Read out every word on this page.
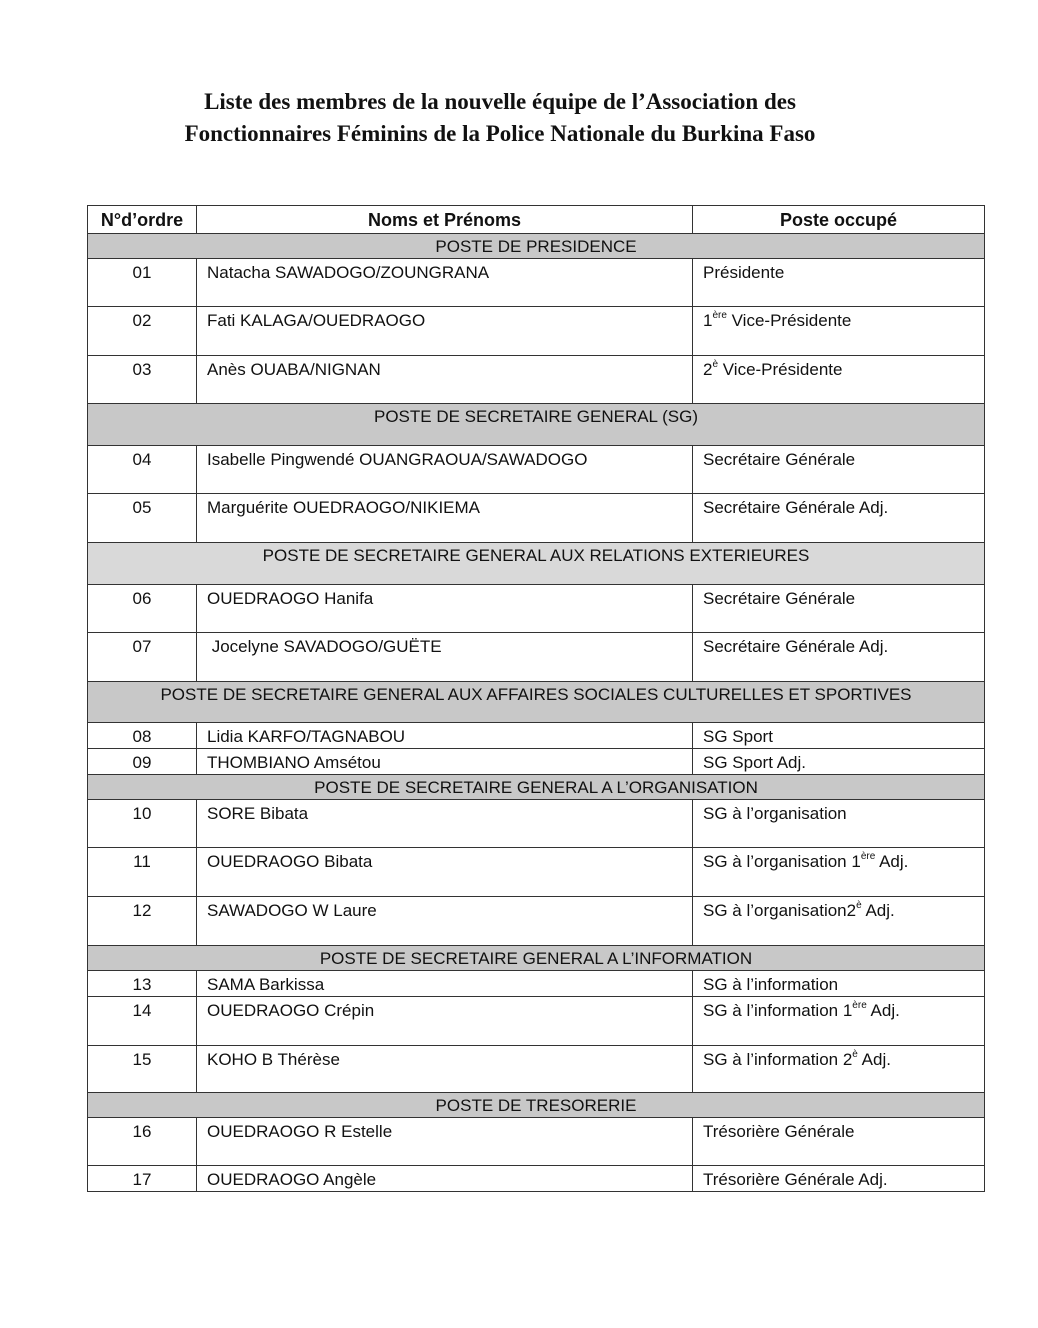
Liste des membres de la nouvelle équipe de l’Association des
Fonctionnaires Féminins de la Police Nationale du Burkina Faso
N°d’ordre	Noms et Prénoms	Poste occupé
POSTE DE PRESIDENCE		
01	Natacha SAWADOGO/ZOUNGRANA	Présidente
02	Fati KALAGA/OUEDRAOGO	1ère Vice-Présidente
03	Anès OUABA/NIGNAN	$2^è$ Vice-Présidente
POSTE DE SECRETAIRE GENERAL (SG)		
04	Isabelle Pingwendé OUANGRAOUA/SAWADOGO	Secrétaire Générale
05	Marguérite OUEDRAOGO/NIKIEMA	Secrétaire Générale Adj.
POSTE DE SECRETAIRE GENERAL AUX RELATIONS EXTERIEURES		
06	OUEDRAOGO Hanifa	Secrétaire Générale
07	Jocelyne SAVADOGO/GUËTE	Secrétaire Générale Adj.
POSTE DE SECRETAIRE GENERAL AUX AFFAIRES SOCIALES CULTURELLES ET SPORTIVES		
08	Lidia KARFO/TAGNABOU	SG Sport
09	THOMBIANO Amsétou	SG Sport Adj.
POSTE DE SECRETAIRE GENERAL A L’ORGANISATION		
10	SORE Bibata	SG à l’organisation
11	OUEDRAOGO Bibata	SG à l’organisation 1ère Adj.
12	SAWADOGO W Laure	SG à $l’organisation2^è$ Adj.
POSTE DE SECRETAIRE GENERAL A L’INFORMATION		
13	SAMA Barkissa	SG à l’information
14	OUEDRAOGO Crépin	SG à l’information 1ère Adj.
15	KOHO B Thérèse	SG à l’information $2^è$ Adj.
POSTE DE TRESORERIE		
16	OUEDRAOGO R Estelle	Trésorière Générale
17	OUEDRAOGO Angèle	Trésorière Générale Adj.
